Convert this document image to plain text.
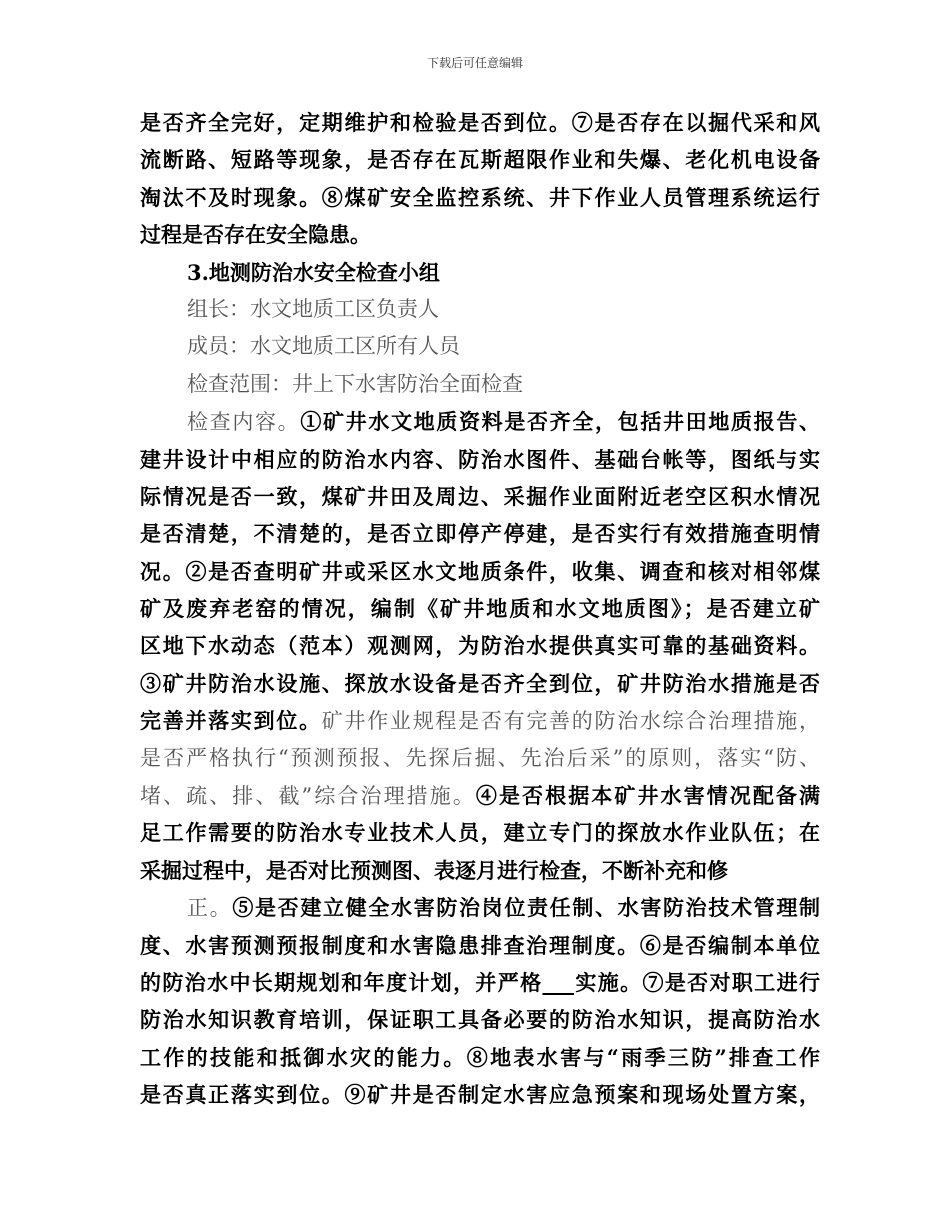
下载后可任意编辑
是否齐全完好，定期维护和检验是否到位。⑦是否存在以掘代采和风
流断路、短路等现象，是否存在瓦斯超限作业和失爆、老化机电设备
淘汰不及时现象。⑧煤矿安全监控系统、井下作业人员管理系统运行
过程是否存在安全隐患。
3.地测防治水安全检查小组
组长：水文地质工区负责人
成员：水文地质工区所有人员
检查范围：井上下水害防治全面检查
检查内容。①矿井水文地质资料是否齐全，包括井田地质报告、
建井设计中相应的防治水内容、防治水图件、基础台帐等，图纸与实
际情况是否一致，煤矿井田及周边、采掘作业面附近老空区积水情况
是否清楚，不清楚的，是否立即停产停建，是否实行有效措施查明情
况。②是否查明矿井或采区水文地质条件，收集、调查和核对相邻煤
矿及废弃老窑的情况，编制《矿井地质和水文地质图》；是否建立矿
区地下水动态（范本）观测网，为防治水提供真实可靠的基础资料。
③矿井防治水设施、探放水设备是否齐全到位，矿井防治水措施是否
完善并落实到位。矿井作业规程是否有完善的防治水综合治理措施，
是否严格执行“预测预报、先探后掘、先治后采”的原则，落实“防、
堵、疏、排、截”综合治理措施。④是否根据本矿井水害情况配备满
足工作需要的防治水专业技术人员，建立专门的探放水作业队伍；在
采掘过程中，是否对比预测图、表逐月进行检查，不断补充和修
正。⑤是否建立健全水害防治岗位责任制、水害防治技术管理制
度、水害预测预报制度和水害隐患排查治理制度。⑥是否编制本单位
的防治水中长期规划和年度计划，并严格___实施。⑦是否对职工进行
防治水知识教育培训，保证职工具备必要的防治水知识，提高防治水
工作的技能和抵御水灾的能力。⑧地表水害与“雨季三防”排查工作
是否真正落实到位。⑨矿井是否制定水害应急预案和现场处置方案，
